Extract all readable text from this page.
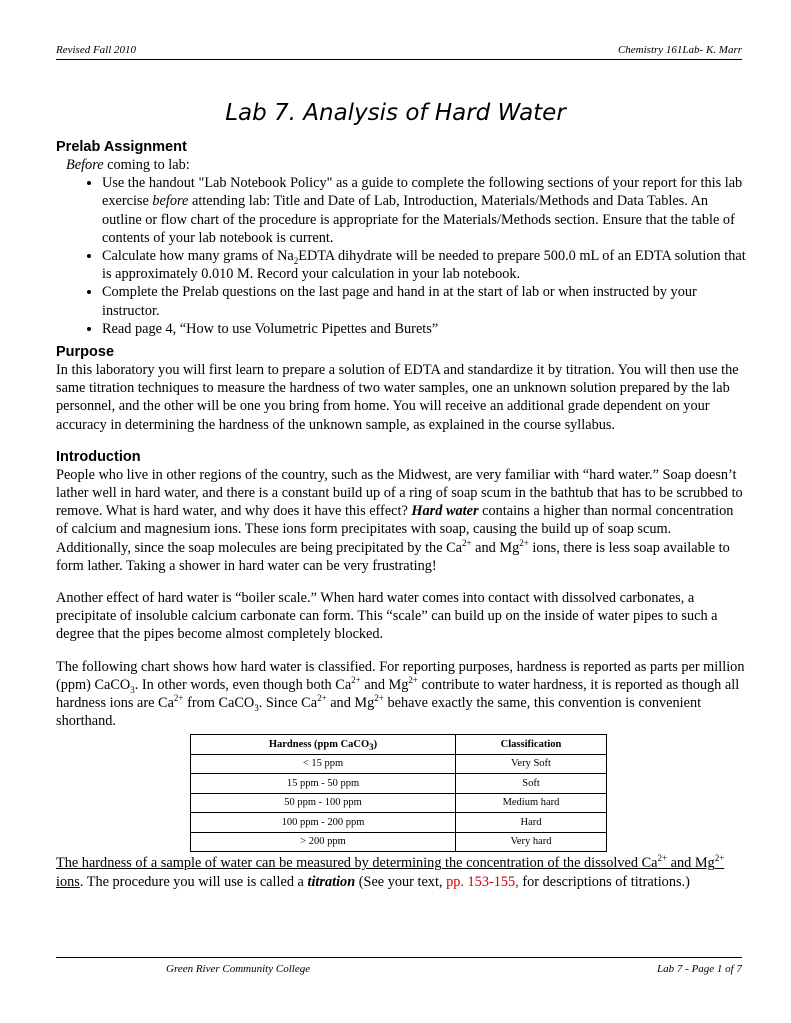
Revised Fall 2010	Chemistry 161Lab- K. Marr
Lab 7. Analysis of Hard Water
Prelab Assignment

Before coming to lab:

• Use the handout "Lab Notebook Policy" as a guide to complete the following sections of your report for this lab exercise before attending lab: Title and Date of Lab, Introduction, Materials/Methods and Data Tables. An outline or flow chart of the procedure is appropriate for the Materials/Methods section. Ensure that the table of contents of your lab notebook is current.
• Calculate how many grams of $Na_2EDTA$ dihydrate will be needed to prepare 500.0 mL of an EDTA solution that is approximately 0.010 M. Record your calculation in your lab notebook.
• Complete the Prelab questions on the last page and hand in at the start of lab or when instructed by your instructor.
• Read page 4, “How to use Volumetric Pipettes and Burets”
Purpose

In this laboratory you will first learn to prepare a solution of EDTA and standardize it by titration. You will then use the same titration techniques to measure the hardness of two water samples, one an unknown solution prepared by the lab personnel, and the other will be one you bring from home. You will receive an additional grade dependent on your accuracy in determining the hardness of the unknown sample, as explained in the course syllabus.

Introduction

People who live in other regions of the country, such as the Midwest, are very familiar with “hard water.” Soap doesn’t lather well in hard water, and there is a constant build up of a ring of soap scum in the bathtub that has to be scrubbed to remove. What is hard water, and why does it have this effect? Hard water contains a higher than normal concentration of calcium and magnesium ions. These ions form precipitates with soap, causing the build up of soap scum. Additionally, since the soap molecules are being precipitated by the $Ca^{2+}$ and $Mg^{2+}$ ions, there is less soap available to form lather. Taking a shower in hard water can be very frustrating!

Another effect of hard water is “boiler scale.” When hard water comes into contact with dissolved carbonates, a precipitate of insoluble calcium carbonate can form. This “scale” can build up on the inside of water pipes to such a degree that the pipes become almost completely blocked.

The following chart shows how hard water is classified. For reporting purposes, hardness is reported as parts per million (ppm) CaCO$_3$. In other words, even though both $Ca^{2+}$ and $Mg^{2+}$ contribute to water hardness, it is reported as though all hardness ions are $Ca^{2+}$ from CaCO$_3$. Since $Ca^{2+}$ and $Mg^{2+}$ behave exactly the same, this convention is convenient shorthand.

Hardness (ppm CaCO$_3$)	Classification
< 15 ppm	Very Soft
15 ppm - 50 ppm	Soft
50 ppm - 100 ppm	Medium hard
100 ppm - 200 ppm	Hard
> 200 ppm	Very hard

The hardness of a sample of water can be measured by determining the concentration of the dissolved $Ca^{2+}$ and $Mg^{2+}$ ions. The procedure you will use is called a titration (See your text, pp. 153-155, for descriptions of titrations.)

Green River Community College	Lab 7 - Page 1 of 7
